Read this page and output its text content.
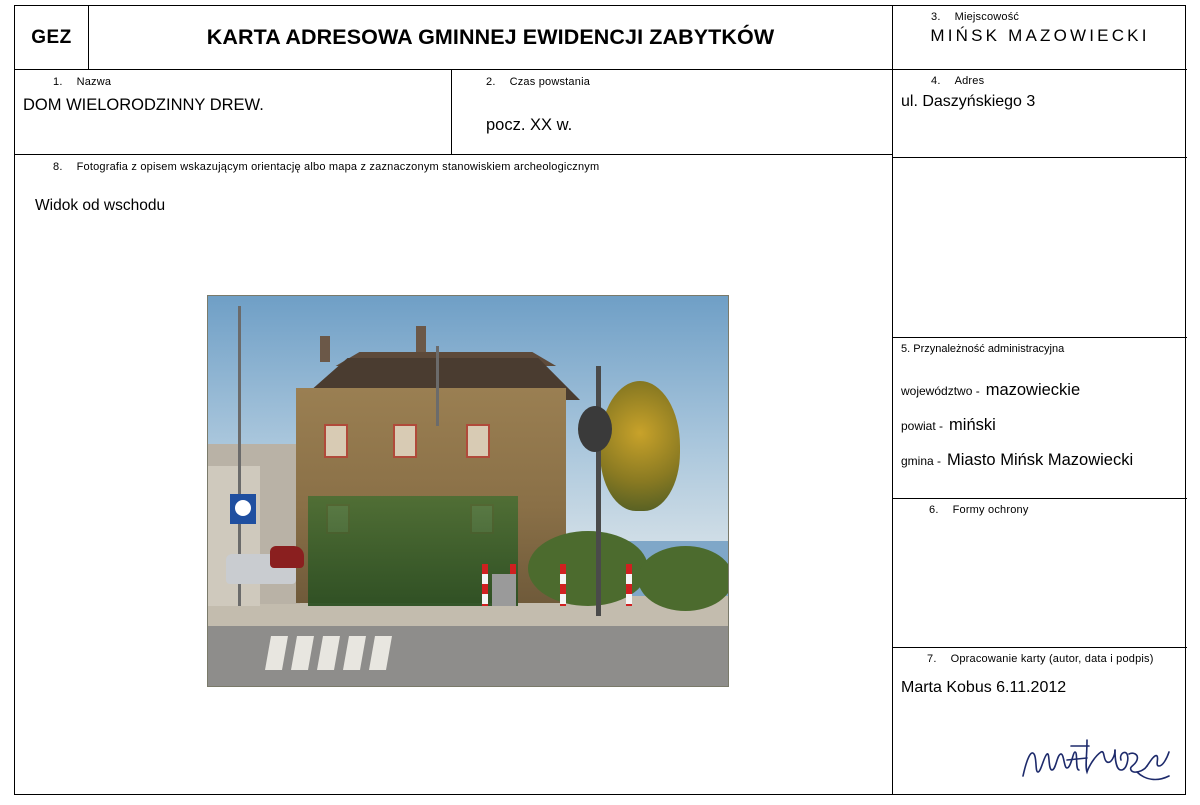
GEZ	KARTA ADRESOWA GMINNEJ EWIDENCJI ZABYTKÓW
3. Miejscowość
MIŃSK MAZOWIECKI
1. Nazwa
DOM WIELORODZINNY DREW.
2. Czas powstania
pocz. XX w.
4. Adres
ul. Daszyńskiego 3
8. Fotografia z opisem wskazującym orientację albo mapa z zaznaczonym stanowiskiem archeologicznym
Widok od wschodu
5. Przynależność administracyjna
województwo - mazowieckie
powiat - miński
gmina - Miasto Mińsk Mazowiecki
6. Formy ochrony
7. Opracowanie karty (autor, data i podpis)
Marta Kobus 6.11.2012
